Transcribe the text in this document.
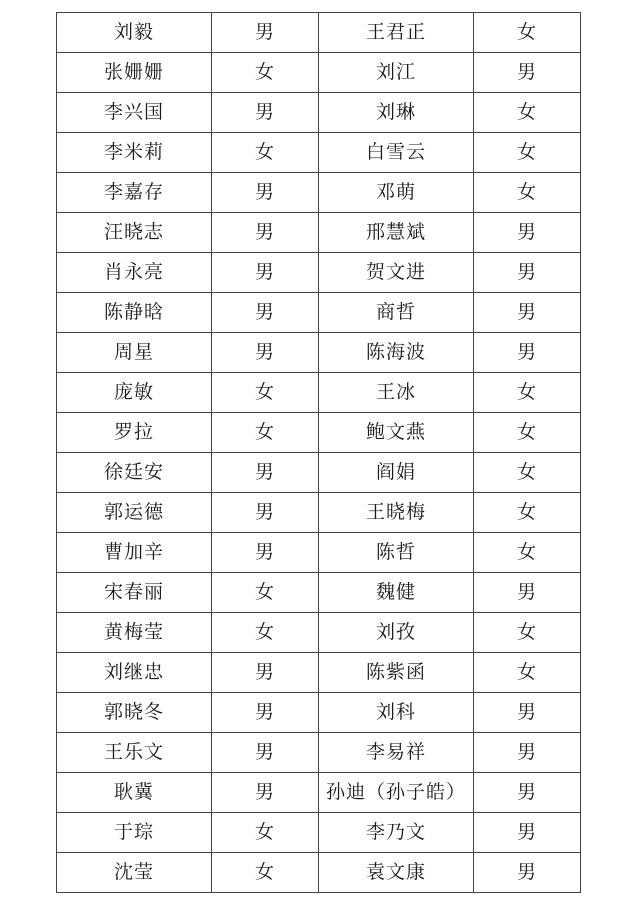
刘毅	男	王君正	女
张姗姗	女	刘江	男
李兴国	男	刘琳	女
李米莉	女	白雪云	女
李嘉存	男	邓萌	女
汪晓志	男	邢慧斌	男
肖永亮	男	贺文进	男
陈静晗	男	商哲	男
周星	男	陈海波	男
庞敏	女	王冰	女
罗拉	女	鲍文燕	女
徐廷安	男	阎娟	女
郭运德	男	王晓梅	女
曹加辛	男	陈哲	女
宋春丽	女	魏健	男
黄梅莹	女	刘孜	女
刘继忠	男	陈紫函	女
郭晓冬	男	刘科	男
王乐文	男	李易祥	男
耿冀	男	孙迪（孙子皓）	男
于琮	女	李乃文	男
沈莹	女	袁文康	男
